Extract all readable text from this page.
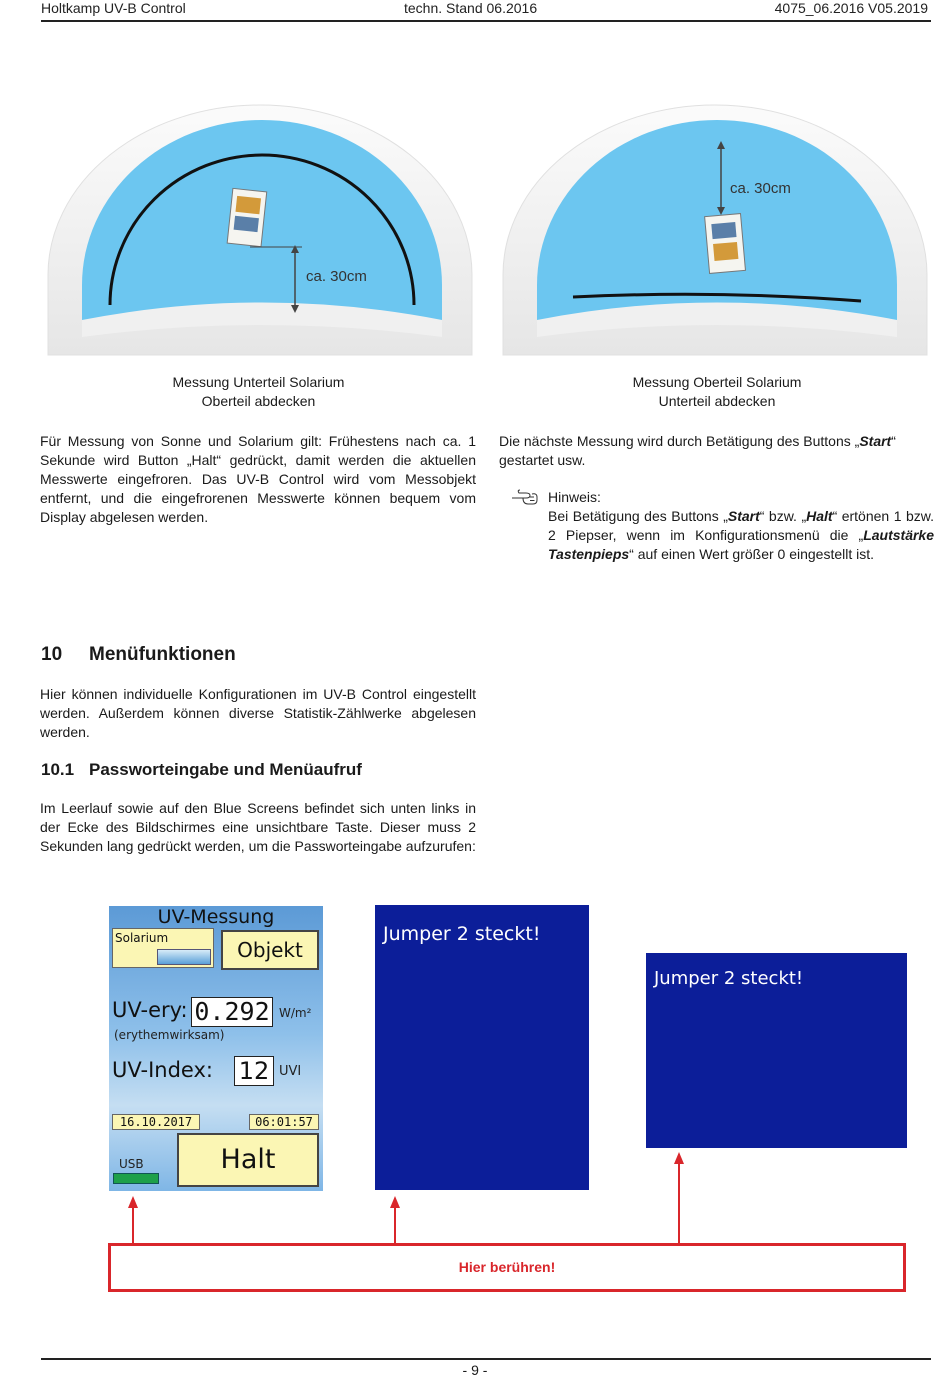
Holtkamp UV-B Control	techn. Stand 06.2016	4075_06.2016 V05.2019
ca. 30cm
ca. 30cm
Messung Unterteil Solarium
Oberteil abdecken
Messung Oberteil Solarium
Unterteil abdecken
Für Messung von Sonne und Solarium gilt: Frühestens nach ca. 1 Sekunde wird Button „Halt“ gedrückt, damit werden die aktuellen Messwerte eingefroren. Das UV-B Control wird vom Messobjekt entfernt, und die eingefrorenen Messwerte können bequem vom Display abgelesen werden.
Die nächste Messung wird durch Betätigung des Buttons „Start“ gestartet usw.
Hinweis:
Bei Betätigung des Buttons „Start“ bzw. „Halt“ ertönen 1 bzw. 2 Piepser, wenn im Konfigurationsmenü die „Lautstärke Tastenpieps“ auf einen Wert größer 0 eingestellt ist.
10 Menüfunktionen
Hier können individuelle Konfigurationen im UV-B Control eingestellt werden. Außerdem können diverse Statistik-Zählwerke abgelesen werden.
10.1 Passworteingabe und Menüaufruf
Im Leerlauf sowie auf den Blue Screens befindet sich unten links in der Ecke des Bildschirmes eine unsichtbare Taste. Dieser muss 2 Sekunden lang gedrückt werden, um die Passworteingabe aufzurufen:
UV-Messung
Solarium	Objekt
UV-ery: 0.292 W/m²
(erythemwirksam)
UV-Index: 12 UVI
16.10.2017	06:01:57
USB	Halt
Jumper 2 steckt!
Jumper 2 steckt!
Hier berühren!
- 9 -
